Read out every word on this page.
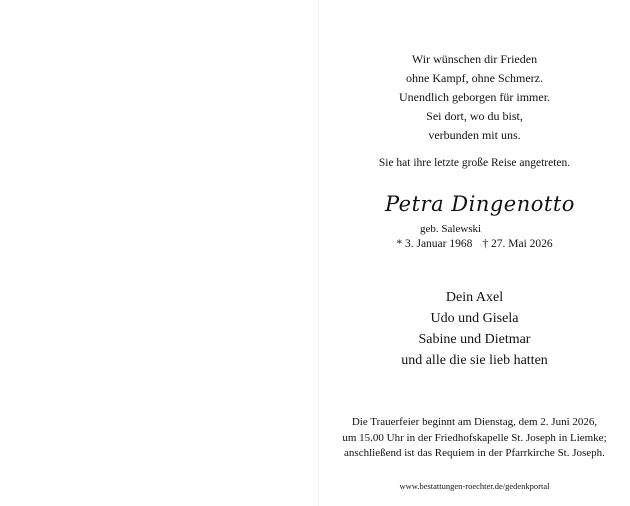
Wir wünschen dir Frieden
ohne Kampf, ohne Schmerz.
Unendlich geborgen für immer.
Sei dort, wo du bist,
verbunden mit uns.
Sie hat ihre letzte große Reise angetreten.
Petra Dingenotto
geb. Salewski
* 3. Januar 1968 † 27. Mai 2026
Dein Axel
Udo und Gisela
Sabine und Dietmar
und alle die sie lieb hatten
Die Trauerfeier beginnt am Dienstag, dem 2. Juni 2026,
um 15.00 Uhr in der Friedhofskapelle St. Joseph in Liemke;
anschließend ist das Requiem in der Pfarrkirche St. Joseph.
www.bestattungen-roechter.de/gedenkportal
